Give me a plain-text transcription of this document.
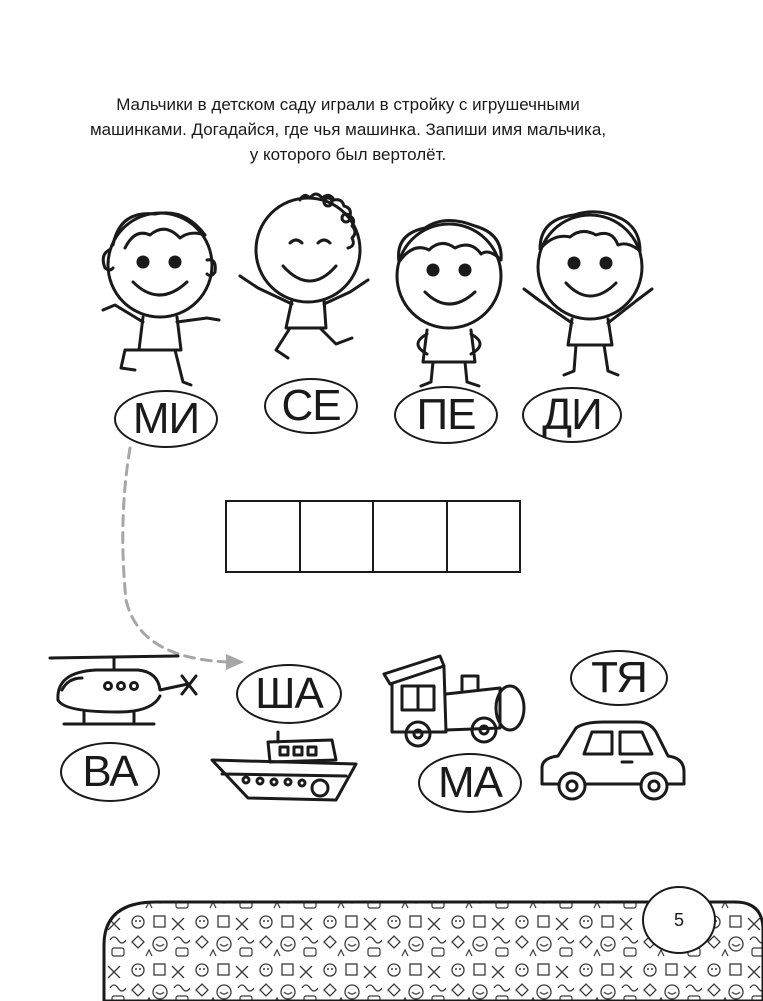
Мальчики в детском саду играли в стройку с игрушечными
машинками. Догадайся, где чья машинка. Запиши имя мальчика,
у которого был вертолёт.
МИ	СЕ	ПЕ	ДИ
ВА
ША
МА
ТЯ
5
